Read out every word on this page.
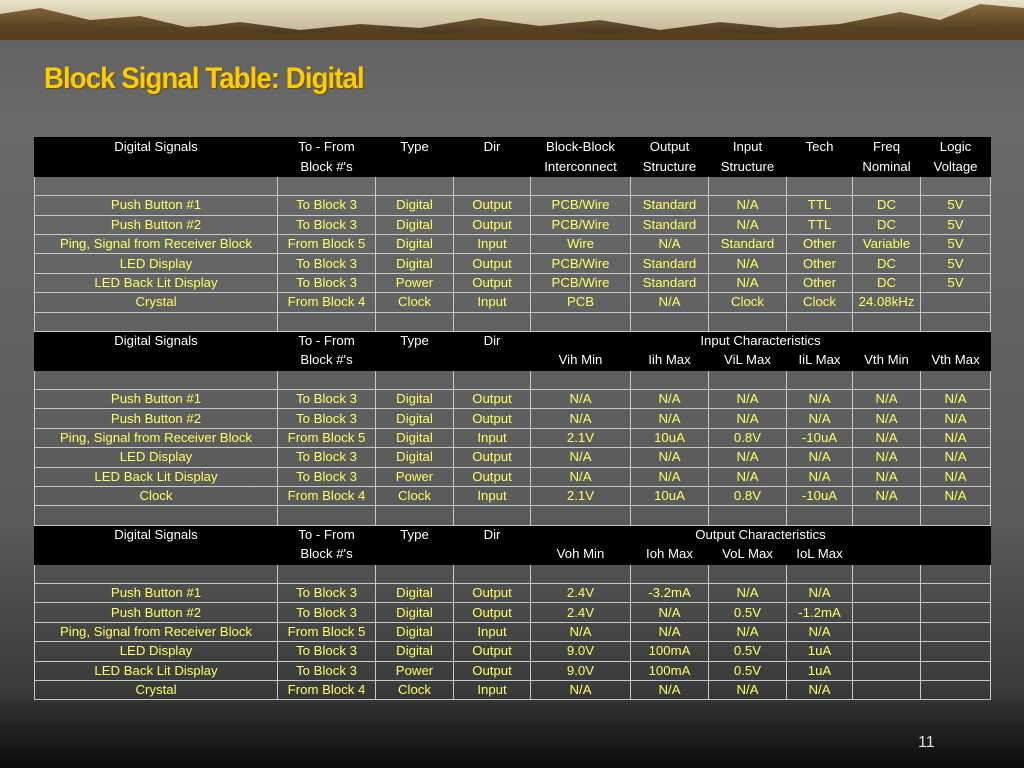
Block Signal Table: Digital
Digital Signals	To - From	Type	Dir	Block-Block	Output	Input	Tech	Freq	Logic
	Block #'s			Interconnect	Structure	Structure		Nominal	Voltage

Push Button #1	To Block 3	Digital	Output	PCB/Wire	Standard	N/A	TTL	DC	5V
Push Button #2	To Block 3	Digital	Output	PCB/Wire	Standard	N/A	TTL	DC	5V
Ping, Signal from Receiver Block	From Block 5	Digital	Input	Wire	N/A	Standard	Other	Variable	5V
LED Display	To Block 3	Digital	Output	PCB/Wire	Standard	N/A	Other	DC	5V
LED Back Lit Display	To Block 3	Power	Output	PCB/Wire	Standard	N/A	Other	DC	5V
Crystal	From Block 4	Clock	Input	PCB	N/A	Clock	Clock	24.08kHz	

Digital Signals	To - From	Type	Dir	Input Characteristics					
	Block #'s			Vih Min	Iih Max	ViL Max	IiL Max	Vth Min	Vth Max

Push Button #1	To Block 3	Digital	Output	N/A	N/A	N/A	N/A	N/A	N/A
Push Button #2	To Block 3	Digital	Output	N/A	N/A	N/A	N/A	N/A	N/A
Ping, Signal from Receiver Block	From Block 5	Digital	Input	2.1V	10uA	0.8V	-10uA	N/A	N/A
LED Display	To Block 3	Digital	Output	N/A	N/A	N/A	N/A	N/A	N/A
LED Back Lit Display	To Block 3	Power	Output	N/A	N/A	N/A	N/A	N/A	N/A
Clock	From Block 4	Clock	Input	2.1V	10uA	0.8V	-10uA	N/A	N/A

Digital Signals	To - From	Type	Dir	Output Characteristics					
	Block #'s			Voh Min	Ioh Max	VoL Max	IoL Max		

Push Button #1	To Block 3	Digital	Output	2.4V	-3.2mA	N/A	N/A		
Push Button #2	To Block 3	Digital	Output	2.4V	N/A	0.5V	-1.2mA		
Ping, Signal from Receiver Block	From Block 5	Digital	Input	N/A	N/A	N/A	N/A		
LED Display	To Block 3	Digital	Output	9.0V	100mA	0.5V	1uA		
LED Back Lit Display	To Block 3	Power	Output	9.0V	100mA	0.5V	1uA		
Crystal	From Block 4	Clock	Input	N/A	N/A	N/A	N/A		
11
